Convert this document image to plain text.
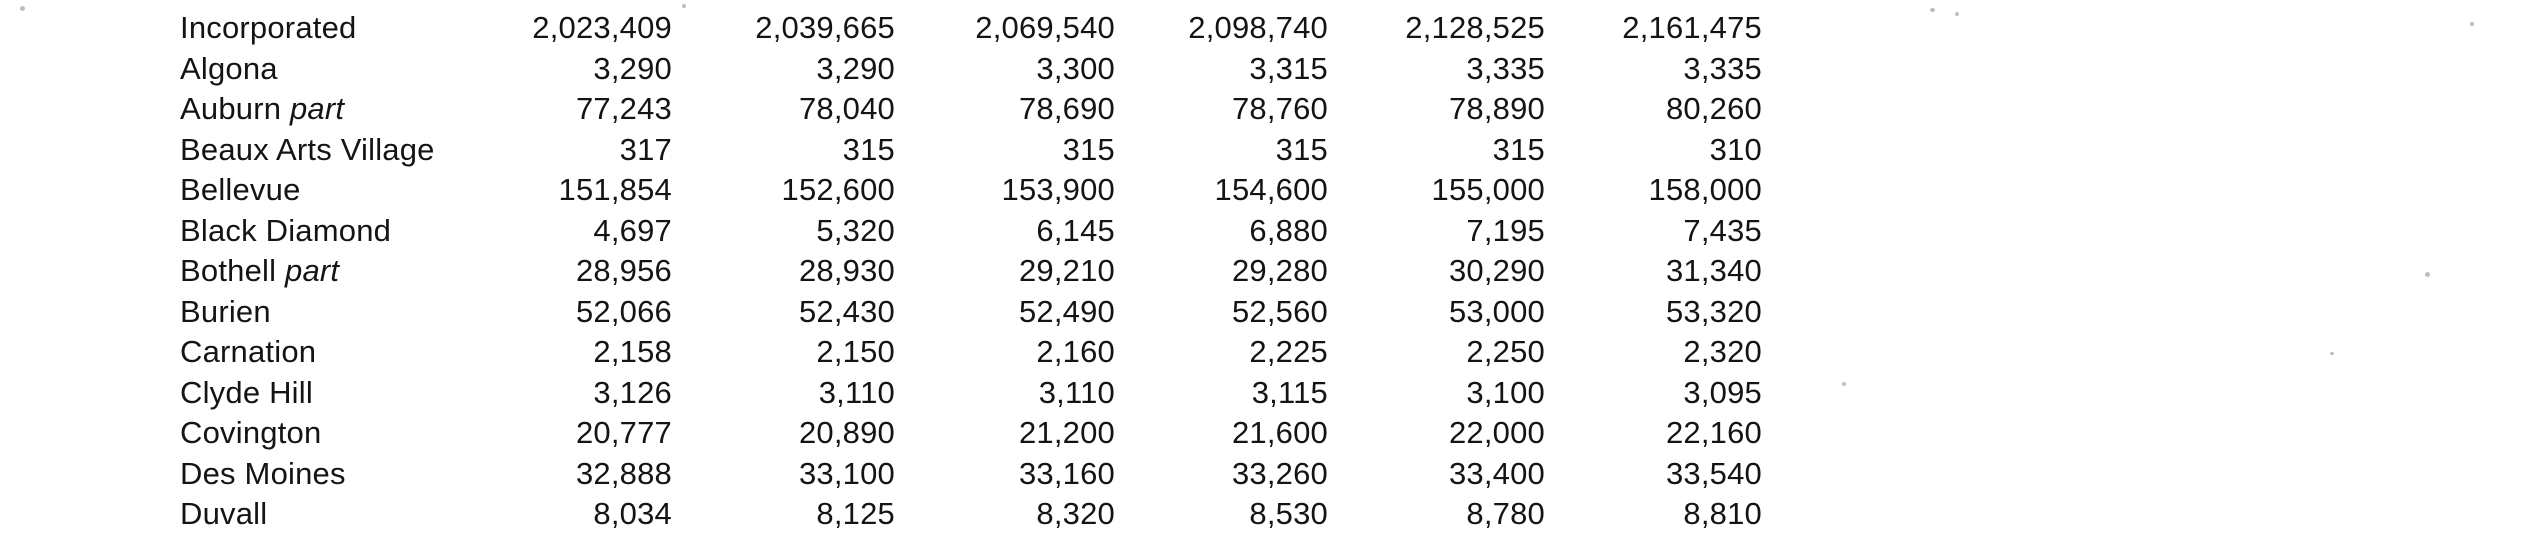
Incorporated	2,023,409	2,039,665	2,069,540	2,098,740	2,128,525	2,161,475
Algona	3,290	3,290	3,300	3,315	3,335	3,335
Auburn part	77,243	78,040	78,690	78,760	78,890	80,260
Beaux Arts Village	317	315	315	315	315	310
Bellevue	151,854	152,600	153,900	154,600	155,000	158,000
Black Diamond	4,697	5,320	6,145	6,880	7,195	7,435
Bothell part	28,956	28,930	29,210	29,280	30,290	31,340
Burien	52,066	52,430	52,490	52,560	53,000	53,320
Carnation	2,158	2,150	2,160	2,225	2,250	2,320
Clyde Hill	3,126	3,110	3,110	3,115	3,100	3,095
Covington	20,777	20,890	21,200	21,600	22,000	22,160
Des Moines	32,888	33,100	33,160	33,260	33,400	33,540
Duvall	8,034	8,125	8,320	8,530	8,780	8,810
